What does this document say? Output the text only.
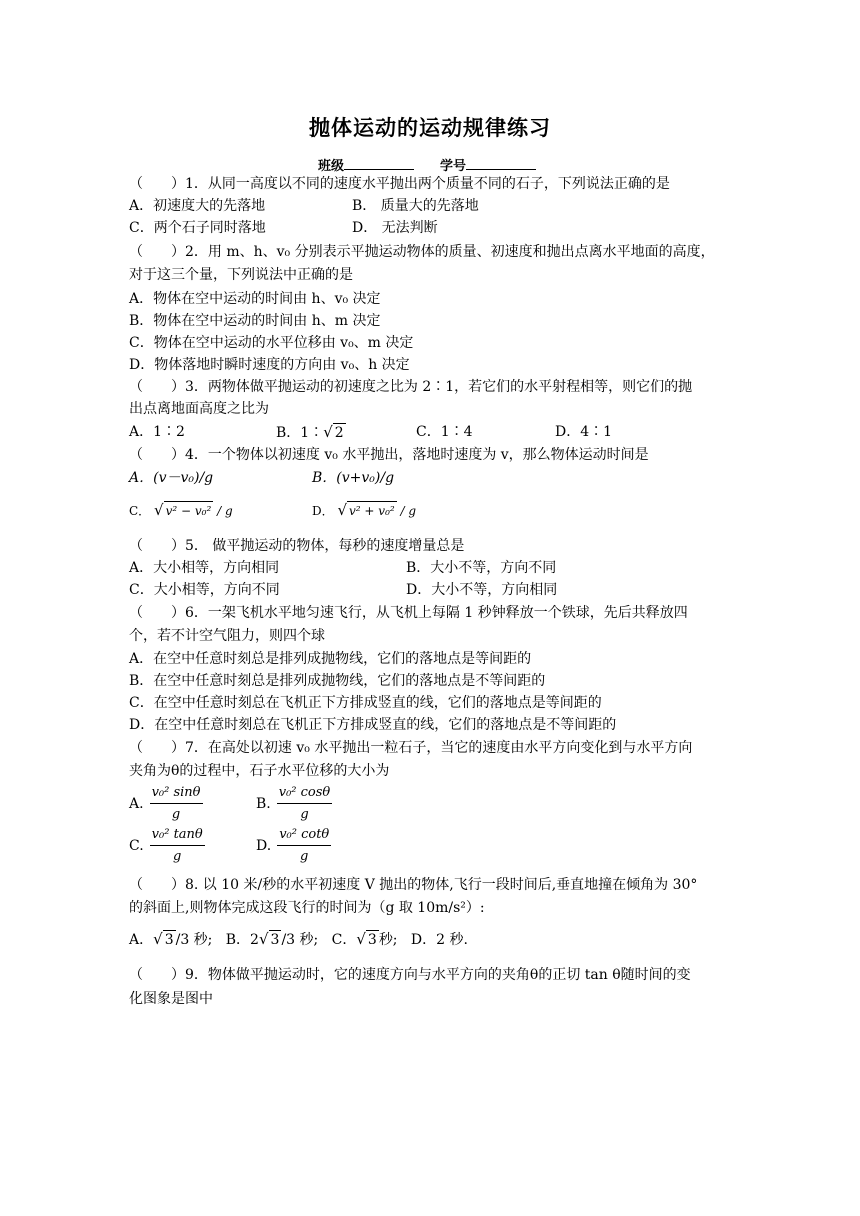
抛体运动的运动规律练习
班级	学号
（　　）1．从同一高度以不同的速度水平抛出两个质量不同的石子，下列说法正确的是
A．初速度大的先落地	B． 质量大的先落地
C．两个石子同时落地	D． 无法判断
（　　）2．用 m、h、v₀ 分别表示平抛运动物体的质量、初速度和抛出点离水平地面的高度，
对于这三个量，下列说法中正确的是
A．物体在空中运动的时间由 h、v₀ 决定
B．物体在空中运动的时间由 h、m 决定
C．物体在空中运动的水平位移由 v₀、m 决定
D．物体落地时瞬时速度的方向由 v₀、h 决定
（　　）3．两物体做平抛运动的初速度之比为 2∶1，若它们的水平射程相等，则它们的抛
出点离地面高度之比为
A．1∶2	B．1∶√ 2	C．1∶4	D．4∶1
（　　）4．一个物体以初速度 v₀ 水平抛出，落地时速度为 v，那么物体运动时间是
A．(v－v₀)/g	B．(v+v₀)/g
C． √ v² − v₀² / g	D． √ v² + v₀² / g
（　　）5． 做平抛运动的物体，每秒的速度增量总是
A．大小相等，方向相同	B．大小不等，方向不同
C．大小相等，方向不同	D．大小不等，方向相同
（　　）6．一架飞机水平地匀速飞行，从飞机上每隔 1 秒钟释放一个铁球，先后共释放四
个，若不计空气阻力，则四个球
A．在空中任意时刻总是排列成抛物线，它们的落地点是等间距的
B．在空中任意时刻总是排列成抛物线，它们的落地点是不等间距的
C．在空中任意时刻总在飞机正下方排成竖直的线，它们的落地点是等间距的
D．在空中任意时刻总在飞机正下方排成竖直的线，它们的落地点是不等间距的
（　　）7．在高处以初速 v₀ 水平抛出一粒石子，当它的速度由水平方向变化到与水平方向
夹角为θ的过程中，石子水平位移的大小为
A. $\frac{\text{v₀² sinθ}}{g}$	B. $\frac{\text{v₀² cosθ}}{g}$
C. $\frac{\text{v₀² tanθ}}{g}$	D. $\frac{\text{v₀² cotθ}}{g}$
（　　）8. 以 10 米/秒的水平初速度 V 抛出的物体,飞行一段时间后,垂直地撞在倾角为 30°
的斜面上,则物体完成这段飞行的时间为（g 取 10m/s²）:
A．√ 3 /3 秒; B．2√ 3 /3 秒; C．√ 3 秒; D．2 秒.
（　　）9．物体做平抛运动时，它的速度方向与水平方向的夹角θ的正切 tan θ随时间的变
化图象是图中
